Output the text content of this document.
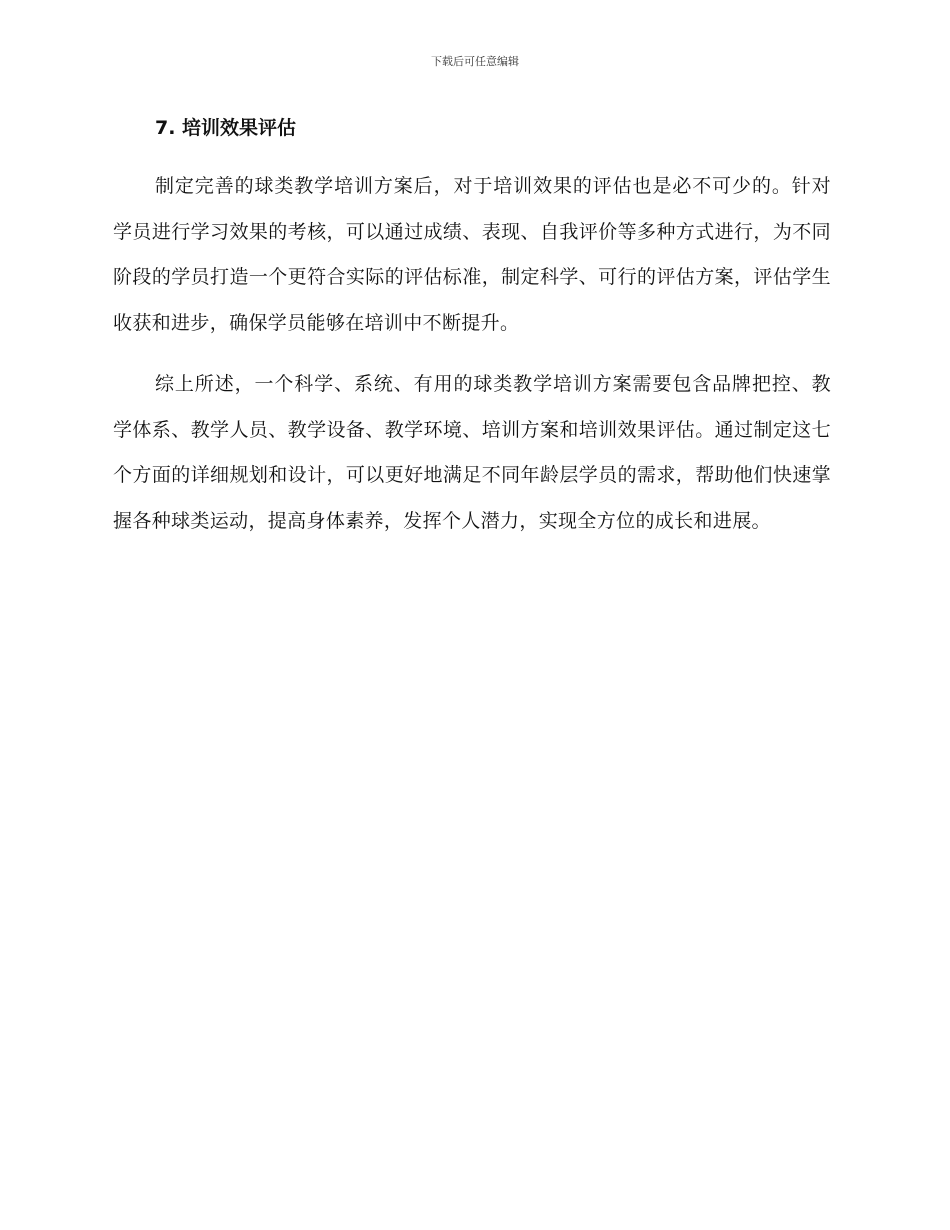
下载后可任意编辑
7. 培训效果评估

制定完善的球类教学培训方案后，对于培训效果的评估也是必不可少的。针对学员进行学习效果的考核，可以通过成绩、表现、自我评价等多种方式进行，为不同阶段的学员打造一个更符合实际的评估标准，制定科学、可行的评估方案，评估学生收获和进步，确保学员能够在培训中不断提升。

综上所述，一个科学、系统、有用的球类教学培训方案需要包含品牌把控、教学体系、教学人员、教学设备、教学环境、培训方案和培训效果评估。通过制定这七个方面的详细规划和设计，可以更好地满足不同年龄层学员的需求，帮助他们快速掌握各种球类运动，提高身体素养，发挥个人潜力，实现全方位的成长和进展。
